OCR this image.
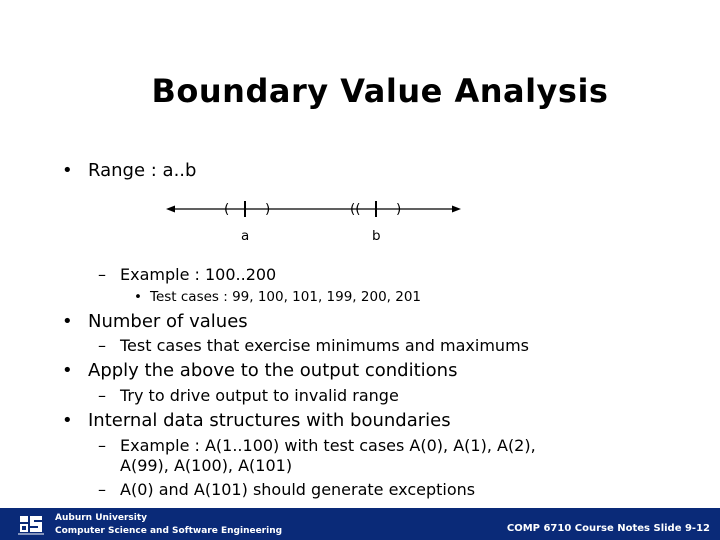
Boundary Value Analysis
• Range : a..b
(	)	((	)
a	b
– Example : 100..200
• Test cases : 99, 100, 101, 199, 200, 201
• Number of values
– Test cases that exercise minimums and maximums
• Apply the above to the output conditions
– Try to drive output to invalid range
• Internal data structures with boundaries
– Example : A(1..100) with test cases A(0), A(1), A(2),
A(99), A(100), A(101)
– A(0) and A(101) should generate exceptions
Auburn University
Computer Science and Software Engineering	COMP 6710 Course Notes Slide 9-12
